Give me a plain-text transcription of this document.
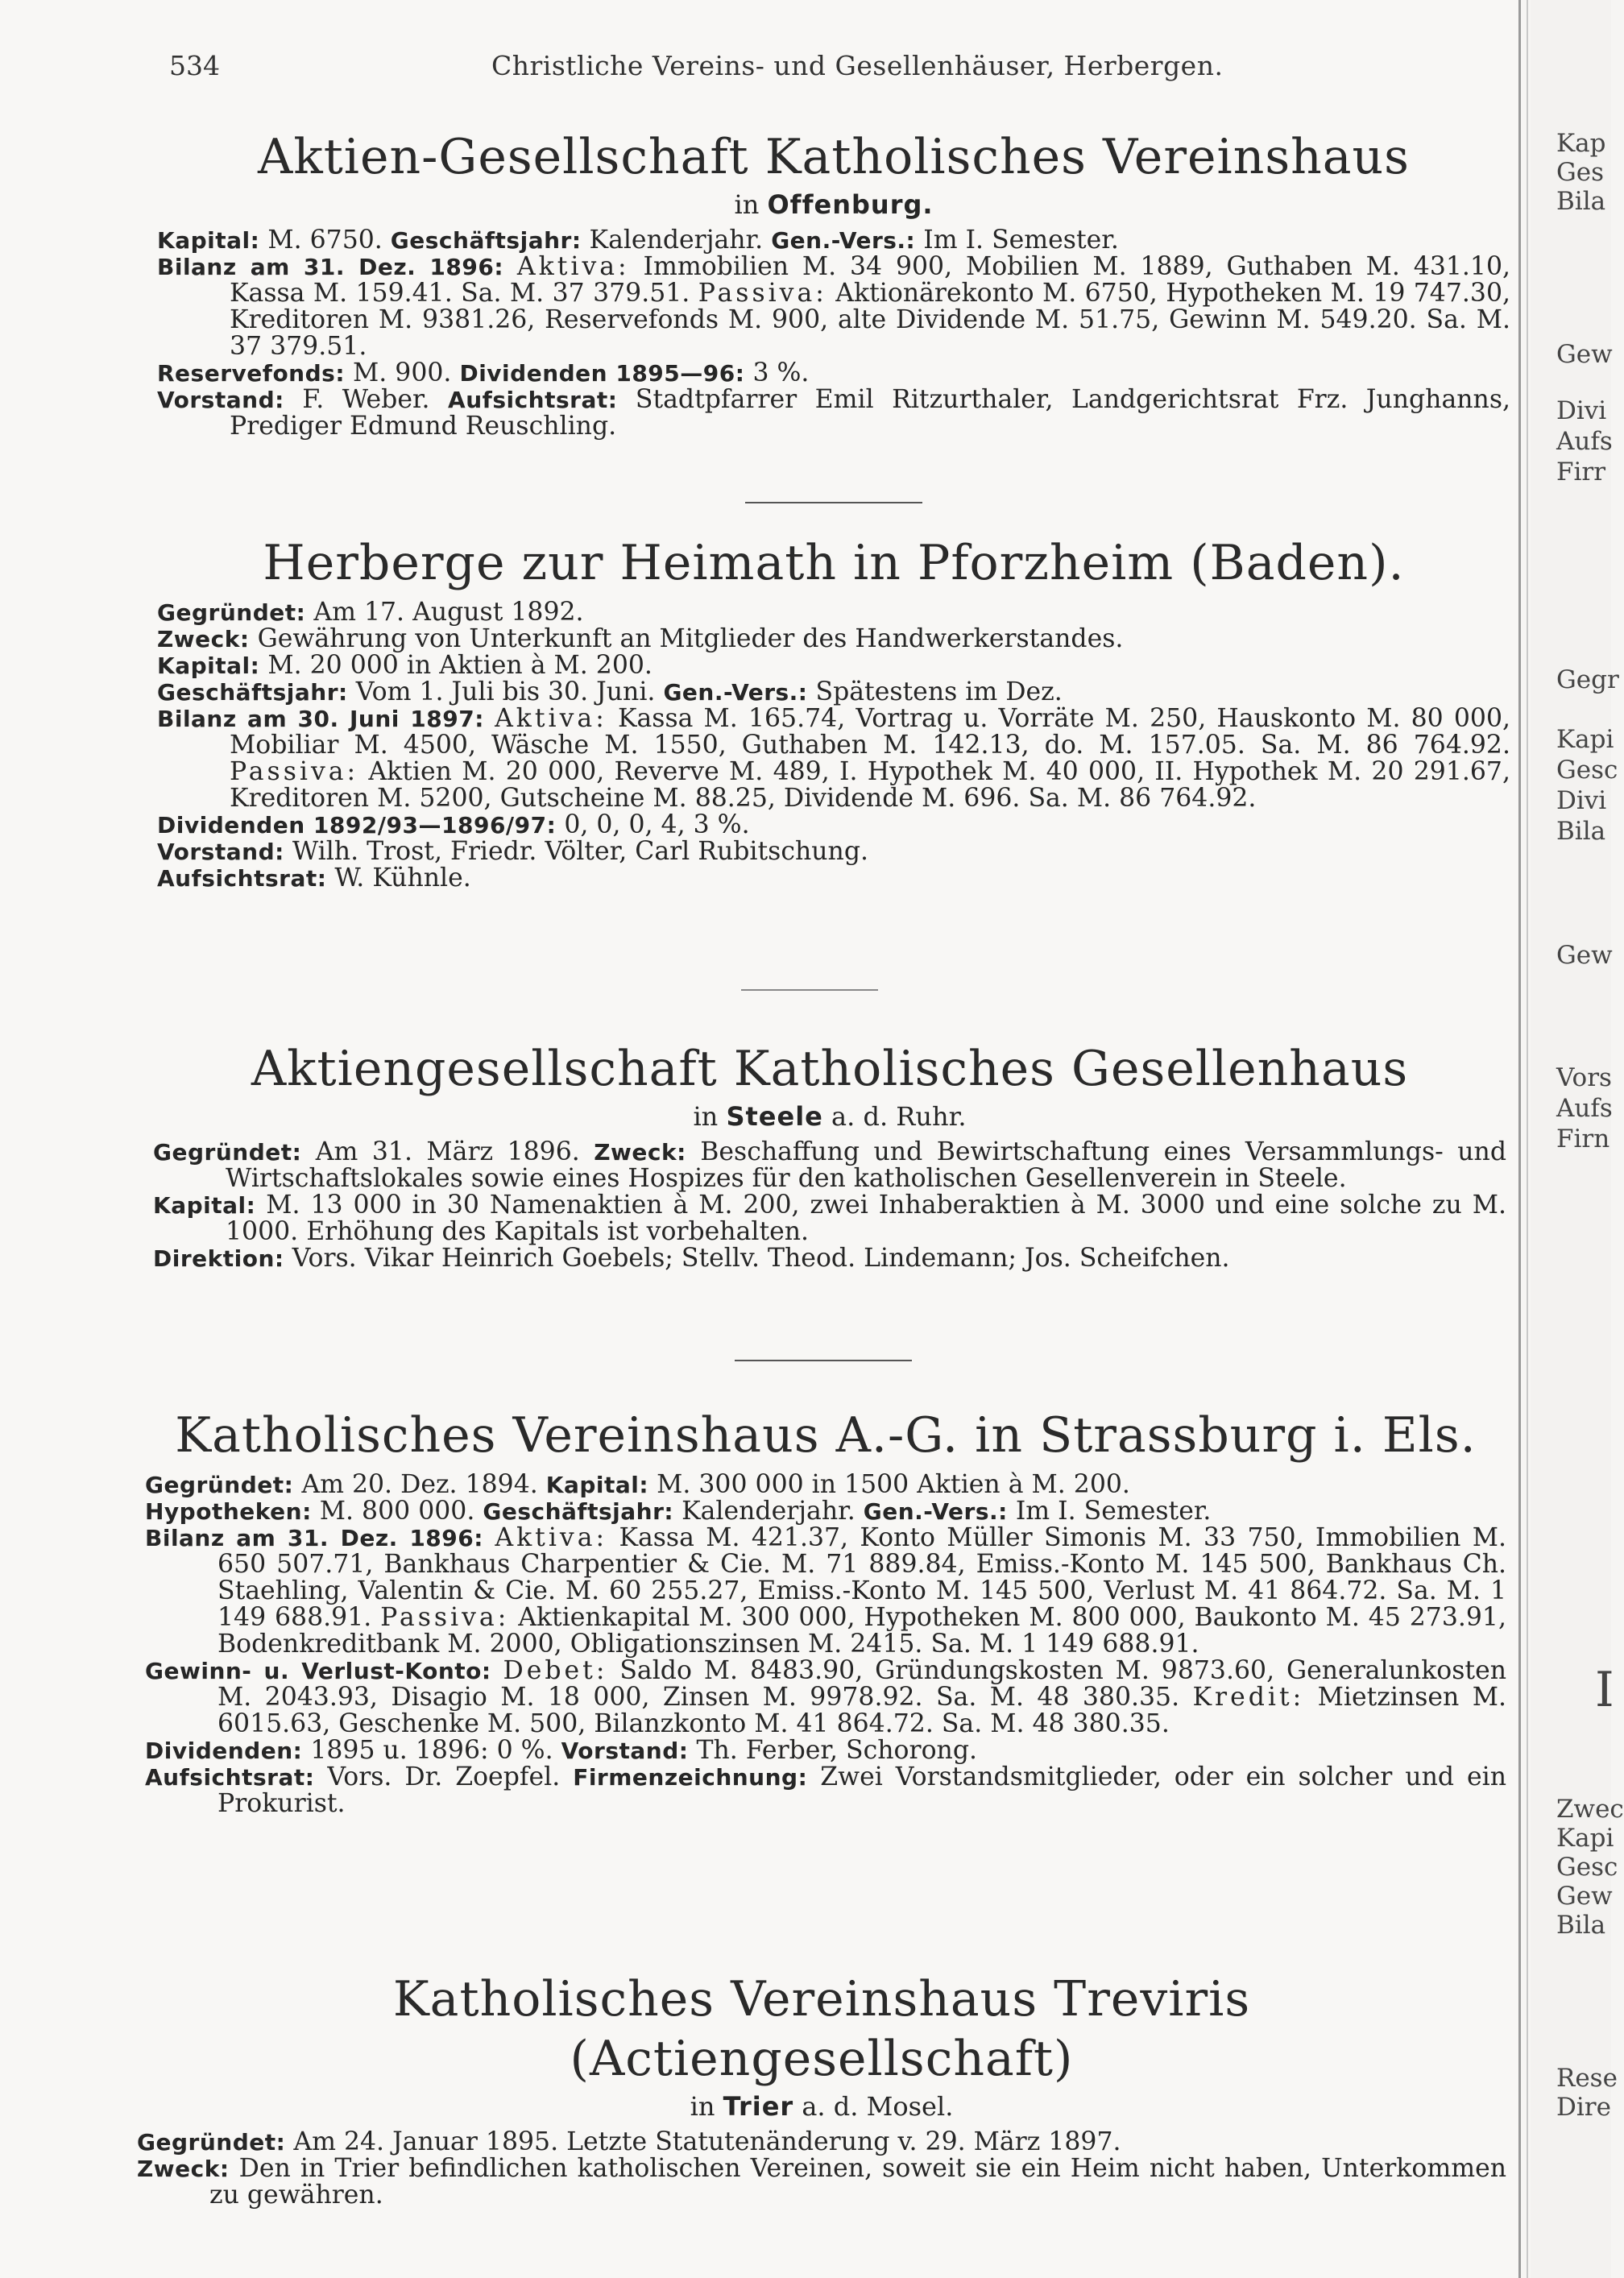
534	Christliche Vereins- und Gesellenhäuser, Herbergen.
Aktien-Gesellschaft Katholisches Vereinshaus
in Offenburg.

Kapital: M. 6750. Geschäftsjahr: Kalenderjahr. Gen.-Vers.: Im I. Semester.

Bilanz am 31. Dez. 1896: Aktiva: Immobilien M. 34 900, Mobilien M. 1889, Guthaben M. 431.10, Kassa M. 159.41. Sa. M. 37 379.51. Passiva: Aktionärekonto M. 6750, Hypotheken M. 19 747.30, Kreditoren M. 9381.26, Reservefonds M. 900, alte Dividende M. 51.75, Gewinn M. 549.20. Sa. M. 37 379.51.

Reservefonds: M. 900. Dividenden 1895—96: 3 %.

Vorstand: F. Weber. Aufsichtsrat: Stadtpfarrer Emil Ritzurthaler, Landgerichtsrat Frz. Junghanns, Prediger Edmund Reuschling.

Herberge zur Heimath in Pforzheim (Baden).

Gegründet: Am 17. August 1892.

Zweck: Gewährung von Unterkunft an Mitglieder des Handwerkerstandes.

Kapital: M. 20 000 in Aktien à M. 200.

Geschäftsjahr: Vom 1. Juli bis 30. Juni. Gen.-Vers.: Spätestens im Dez.

Bilanz am 30. Juni 1897: Aktiva: Kassa M. 165.74, Vortrag u. Vorräte M. 250, Hauskonto M. 80 000, Mobiliar M. 4500, Wäsche M. 1550, Guthaben M. 142.13, do. M. 157.05. Sa. M. 86 764.92. Passiva: Aktien M. 20 000, Reverve M. 489, I. Hypothek M. 40 000, II. Hypothek M. 20 291.67, Kreditoren M. 5200, Gutscheine M. 88.25, Dividende M. 696. Sa. M. 86 764.92.

Dividenden 1892/93—1896/97: 0, 0, 0, 4, 3 %.

Vorstand: Wilh. Trost, Friedr. Völter, Carl Rubitschung.

Aufsichtsrat: W. Kühnle.

Aktiengesellschaft Katholisches Gesellenhaus
in Steele a. d. Ruhr.

Gegründet: Am 31. März 1896. Zweck: Beschaffung und Bewirtschaftung eines Versammlungs- und Wirtschaftslokales sowie eines Hospizes für den katholischen Gesellenverein in Steele.

Kapital: M. 13 000 in 30 Namenaktien à M. 200, zwei Inhaberaktien à M. 3000 und eine solche zu M. 1000. Erhöhung des Kapitals ist vorbehalten.

Direktion: Vors. Vikar Heinrich Goebels; Stellv. Theod. Lindemann; Jos. Scheifchen.

Katholisches Vereinshaus A.-G. in Strassburg i. Els.

Gegründet: Am 20. Dez. 1894. Kapital: M. 300 000 in 1500 Aktien à M. 200.

Hypotheken: M. 800 000. Geschäftsjahr: Kalenderjahr. Gen.-Vers.: Im I. Semester.

Bilanz am 31. Dez. 1896: Aktiva: Kassa M. 421.37, Konto Müller Simonis M. 33 750, Immobilien M. 650 507.71, Bankhaus Charpentier & Cie. M. 71 889.84, Emiss.-Konto M. 145 500, Bankhaus Ch. Staehling, Valentin & Cie. M. 60 255.27, Emiss.-Konto M. 145 500, Verlust M. 41 864.72. Sa. M. 1 149 688.91. Passiva: Aktienkapital M. 300 000, Hypotheken M. 800 000, Baukonto M. 45 273.91, Bodenkreditbank M. 2000, Obligationszinsen M. 2415. Sa. M. 1 149 688.91.

Gewinn- u. Verlust-Konto: Debet: Saldo M. 8483.90, Gründungskosten M. 9873.60, Generalunkosten M. 2043.93, Disagio M. 18 000, Zinsen M. 9978.92. Sa. M. 48 380.35. Kredit: Mietzinsen M. 6015.63, Geschenke M. 500, Bilanzkonto M. 41 864.72. Sa. M. 48 380.35.

Dividenden: 1895 u. 1896: 0 %. Vorstand: Th. Ferber, Schorong.

Aufsichtsrat: Vors. Dr. Zoepfel. Firmenzeichnung: Zwei Vorstandsmitglieder, oder ein solcher und ein Prokurist.

Katholisches Vereinshaus Treviris (Actiengesellschaft)
in Trier a. d. Mosel.

Gegründet: Am 24. Januar 1895. Letzte Statutenänderung v. 29. März 1897.

Zweck: Den in Trier befindlichen katholischen Vereinen, soweit sie ein Heim nicht haben, Unterkommen zu gewähren.

Kap
Ges
Bila
Gew
Divi
Aufs
Firr
Gegr
Kapi
Gesc
Divi
Bila
Gew
Vors
Aufs
Firn
I
Zwec
Kapi
Gesc
Gew
Bila
Rese
Dire
